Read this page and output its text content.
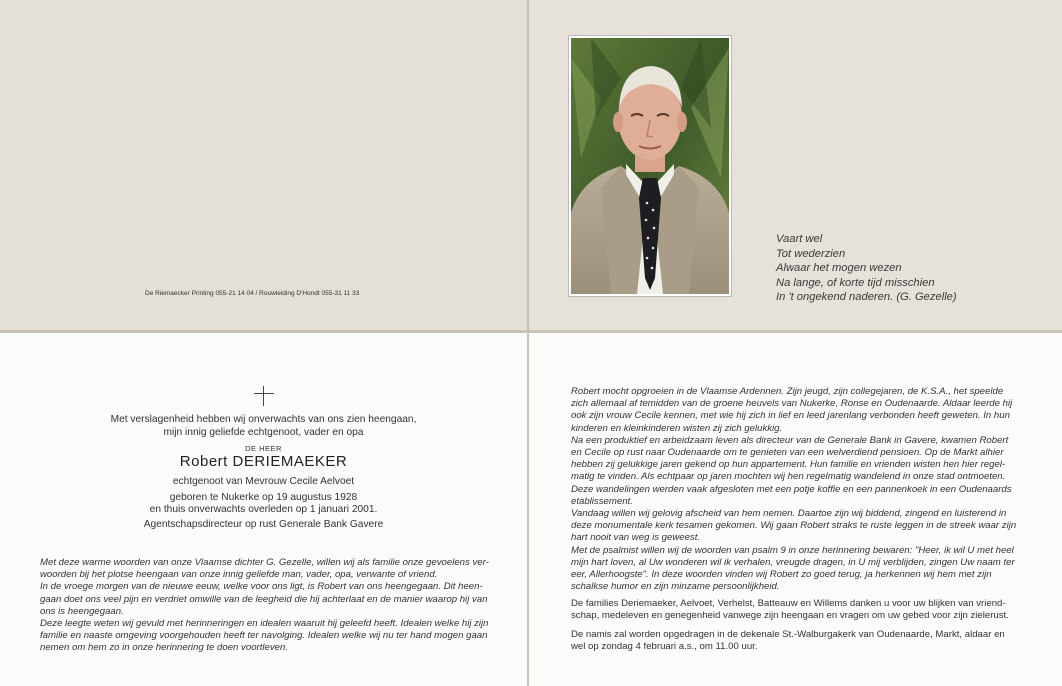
De Riemaecker Printing 055-21 14 04 / Rouwleiding D'Hondt 055-31 11 33
Vaart wel
Tot wederzien
Alwaar het mogen wezen
Na lange, of korte tijd misschien
In 't ongekend naderen. (G. Gezelle)
Met verslagenheid hebben wij onverwachts van ons zien heengaan,
mijn innig geliefde echtgenoot, vader en opa
DE HEER
Robert DERIEMAEKER
echtgenoot van Mevrouw Cecile Aelvoet
geboren te Nukerke op 19 augustus 1928
en thuis onverwachts overleden op 1 januari 2001.
Agentschapsdirecteur op rust Generale Bank Gavere
Met deze warme woorden van onze Vlaamse dichter G. Gezelle, willen wij als familie onze gevoelens ver-
woorden bij het plotse heengaan van onze innig geliefde man, vader, opa, verwante of vriend.
In de vroege morgen van de nieuwe eeuw, welke voor ons ligt, is Robert van ons heengegaan. Dit heen-
gaan doet ons veel pijn en verdriet omwille van de leegheid die hij achterlaat en de manier waarop hij van
ons is heengegaan.
Deze leegte weten wij gevuld met herinneringen en idealen waaruit hij geleefd heeft. Idealen welke hij zijn
familie en naaste omgeving voorgehouden heeft ter navolging. Idealen welke wij nu ter hand mogen gaan
nemen om hem zo in onze herinnering te doen voortleven.
Robert mocht opgroeien in de Vlaamse Ardennen. Zijn jeugd, zijn collegejaren, de K.S.A., het speelde
zich allemaal af temidden van de groene heuvels van Nukerke, Ronse en Oudenaarde. Aldaar leerde hij
ook zijn vrouw Cecile kennen, met wie hij zich in lief en leed jarenlang verbonden heeft geweten. In hun
kinderen en kleinkinderen wisten zij zich gelukkig.
Na een produktief en arbeidzaam leven als directeur van de Generale Bank in Gavere, kwamen Robert
en Cecile op rust naar Oudenaarde om te genieten van een welverdiend pensioen. Op de Markt alhier
hebben zij gelukkige jaren gekend op hun appartement. Hun familie en vrienden wisten hen hier regel-
matig te vinden. Als echtpaar op jaren mochten wij hen regelmatig wandelend in onze stad ontmoeten.
Deze wandelingen werden vaak afgesloten met een potje koffie en een pannenkoek in een Oudenaards
etablissement.
Vandaag willen wij gelovig afscheid van hem nemen. Daartoe zijn wij biddend, zingend en luisterend in
deze monumentale kerk tesamen gekomen. Wij gaan Robert straks te ruste leggen in de streek waar zijn
hart nooit van weg is geweest.
Met de psalmist willen wij de woorden van psalm 9 in onze herinnering bewaren: "Heer, ik wil U met heel
mijn hart loven, al Uw wonderen wil ik verhalen, vreugde dragen, in U mij verblijden, zingen Uw naam ter
eer, Allerhoogste". In deze woorden vinden wij Robert zo goed terug, ja herkennen wij hem met zijn
schalkse humor en zijn minzame persoonlijkheid.
De families Deriemaeker, Aelvoet, Verhelst, Batteauw en Willems danken u voor uw blijken van vriend-
schap, medeleven en genegenheid vanwege zijn heengaan en vragen om uw gebed voor zijn zielerust.
De namis zal worden opgedragen in de dekenale St.-Walburgakerk van Oudenaarde, Markt, aldaar en
wel op zondag 4 februari a.s., om 11.00 uur.
